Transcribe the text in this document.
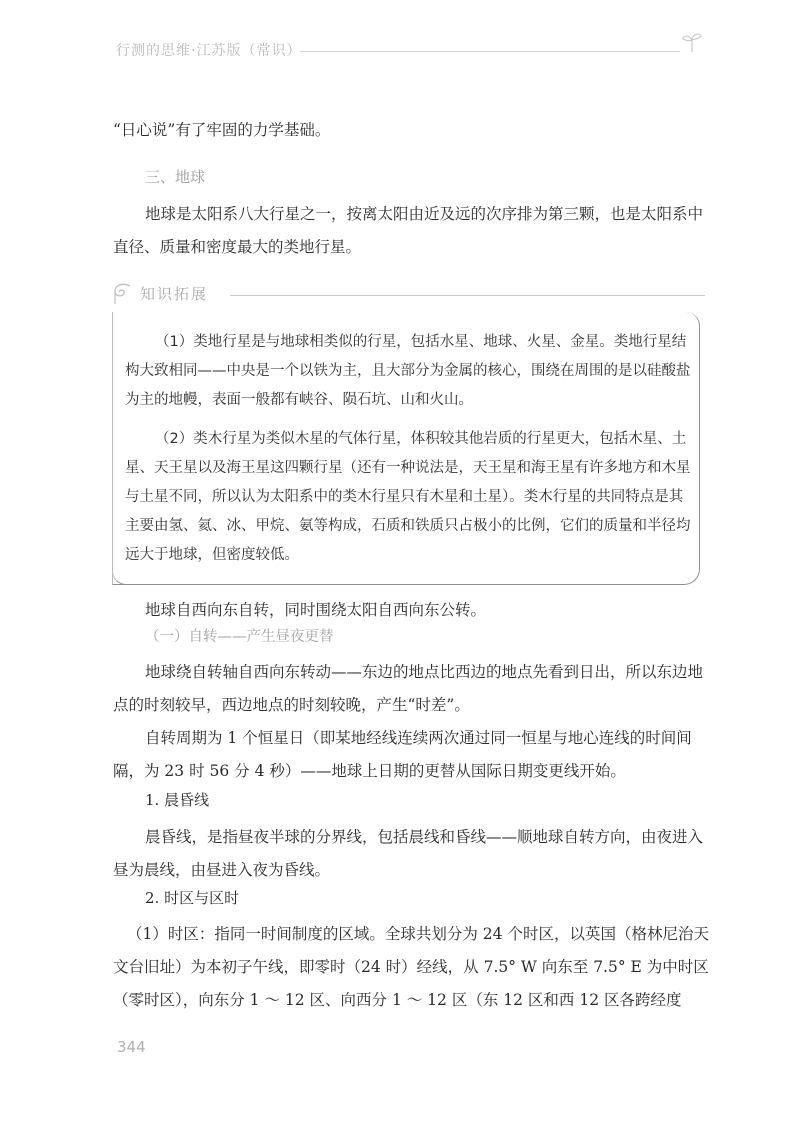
行测的思维·江苏版（常识）

“日心说”有了牢固的力学基础。

三、地球

地球是太阳系八大行星之一，按离太阳由近及远的次序排为第三颗，也是太阳系中直径、质量和密度最大的类地行星。

知识拓展

（1）类地行星是与地球相类似的行星，包括水星、地球、火星、金星。类地行星结构大致相同——中央是一个以铁为主，且大部分为金属的核心，围绕在周围的是以硅酸盐为主的地幔，表面一般都有峡谷、陨石坑、山和火山。

（2）类木行星为类似木星的气体行星，体积较其他岩质的行星更大，包括木星、土星、天王星以及海王星这四颗行星（还有一种说法是，天王星和海王星有许多地方和木星与土星不同，所以认为太阳系中的类木行星只有木星和土星）。类木行星的共同特点是其主要由氢、氦、冰、甲烷、氨等构成，石质和铁质只占极小的比例，它们的质量和半径均远大于地球，但密度较低。

地球自西向东自转，同时围绕太阳自西向东公转。

（一）自转——产生昼夜更替

地球绕自转轴自西向东转动——东边的地点比西边的地点先看到日出，所以东边地点的时刻较早，西边地点的时刻较晚，产生“时差”。

自转周期为 1 个恒星日（即某地经线连续两次通过同一恒星与地心连线的时间间隔，为 23 时 56 分 4 秒）——地球上日期的更替从国际日期变更线开始。

1. 晨昏线

晨昏线，是指昼夜半球的分界线，包括晨线和昏线——顺地球自转方向，由夜进入昼为晨线，由昼进入夜为昏线。

2. 时区与区时

（1）时区：指同一时间制度的区域。全球共划分为 24 个时区，以英国（格林尼治天文台旧址）为本初子午线，即零时（24 时）经线，从 7.5° W 向东至 7.5° E 为中时区（零时区），向东分 1 ～ 12 区、向西分 1 ～ 12 区（东 12 区和西 12 区各跨经度

344
